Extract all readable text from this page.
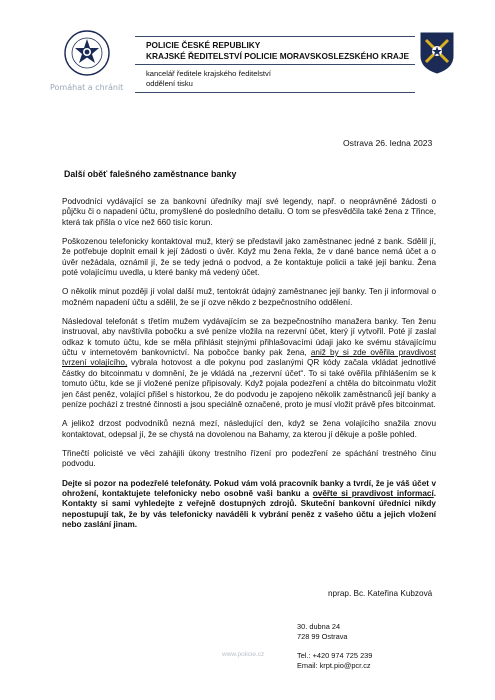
Pomáhat a chránit
POLICIE ČESKÉ REPUBLIKY
KRAJSKÉ ŘEDITELSTVÍ POLICIE MORAVSKOSLEZSKÉHO KRAJE
kancelář ředitele krajského ředitelství
oddělení tisku
Ostrava 26. ledna 2023
Další oběť falešného zaměstnance banky

Podvodníci vydávající se za bankovní úředníky mají své legendy, např. o neoprávněné žádosti o půjčku či o napadení účtu, promyšlené do posledního detailu. O tom se přesvědčila také žena z Třince, která tak přišla o více než 660 tisíc korun.

Poškozenou telefonicky kontaktoval muž, který se představil jako zaměstnanec jedné z bank. Sdělil jí, že potřebuje doplnit email k její žádosti o úvěr. Když mu žena řekla, že v dané bance nemá účet a o úvěr nežádala, oznámil jí, že se tedy jedná o podvod, a že kontaktuje policii a také její banku. Žena poté volajícímu uvedla, u které banky má vedený účet.

O několik minut později jí volal další muž, tentokrát údajný zaměstnanec její banky. Ten ji informoval o možném napadení účtu a sdělil, že se jí ozve někdo z bezpečnostního oddělení.

Následoval telefonát s třetím mužem vydávajícím se za bezpečnostního manažera banky. Ten ženu instruoval, aby navštívila pobočku a své peníze vložila na rezervní účet, který jí vytvořil. Poté jí zaslal odkaz k tomuto účtu, kde se měla přihlásit stejnými přihlašovacími údaji jako ke svému stávajícímu účtu v internetovém bankovnictví. Na pobočce banky pak žena, aniž by si zde ověřila pravdivost tvrzení volajícího, vybrala hotovost a dle pokynu pod zaslanými QR kódy začala vkládat jednotlivé částky do bitcoinmatu v domnění, že je vkládá na „rezervní účet“. To si také ověřila přihlášením se k tomuto účtu, kde se jí vložené peníze připisovaly. Když pojala podezření a chtěla do bitcoinmatu vložit jen část peněz, volající přišel s historkou, že do podvodu je zapojeno několik zaměstnanců její banky a peníze pochází z trestné činnosti a jsou speciálně označené, proto je musí vložit právě přes bitcoinmat.

A jelikož drzost podvodníků nezná mezí, následující den, když se žena volajícího snažila znovu kontaktovat, odepsal jí, že se chystá na dovolenou na Bahamy, za kterou jí děkuje a pošle pohled.

Třinečtí policisté ve věci zahájili úkony trestního řízení pro podezření ze spáchání trestného činu podvodu.

Dejte si pozor na podezřelé telefonáty. Pokud vám volá pracovník banky a tvrdí, že je váš účet v ohrožení, kontaktujete telefonicky nebo osobně vaši banku a ověřte si pravdivost informací. Kontakty si sami vyhledejte z veřejně dostupných zdrojů. Skuteční bankovní úředníci nikdy nepostupují tak, že by vás telefonicky naváděli k vybrání peněz z vašeho účtu a jejich vložení nebo zaslání jinam.

nprap. Bc. Kateřina Kubzová
www.policie.cz
30. dubna 24
728 99 Ostrava
Tel.: +420 974 725 239
Email: krpt.pio@pcr.cz
